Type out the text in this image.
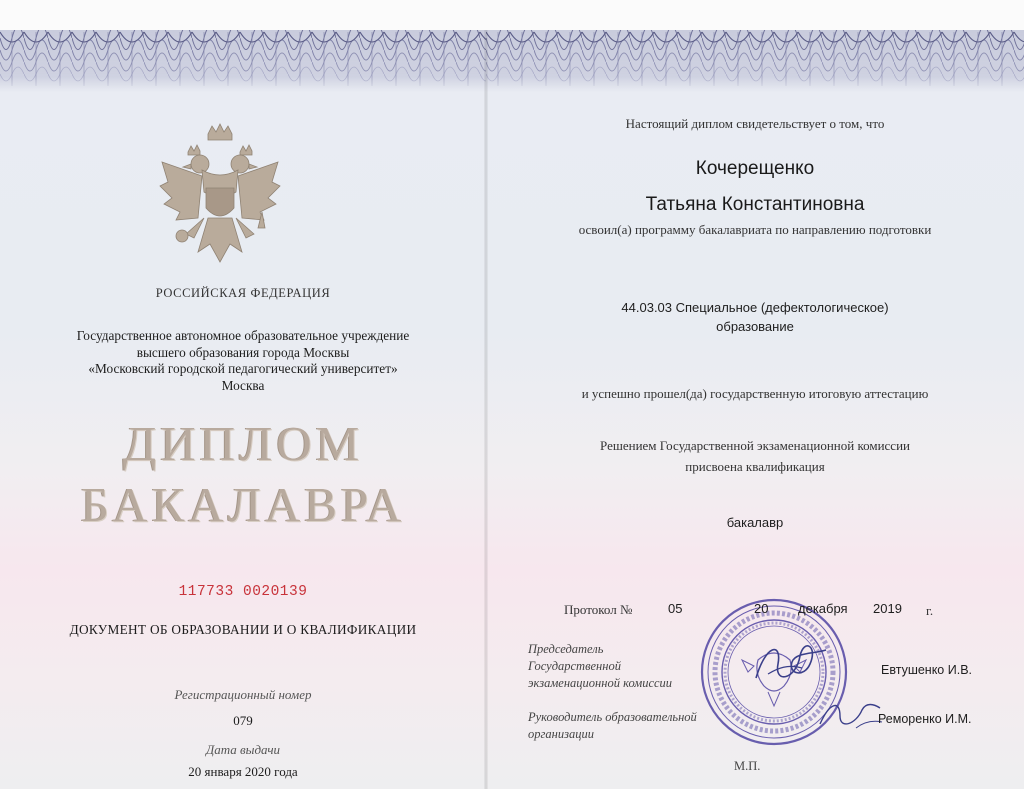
РОССИЙСКАЯ ФЕДЕРАЦИЯ
Государственное автономное образовательное учреждение
высшего образования города Москвы
«Московский городской педагогический университет»
Москва
ДИПЛОМ
БАКАЛАВРА
117733 0020139
ДОКУМЕНТ ОБ ОБРАЗОВАНИИ И О КВАЛИФИКАЦИИ
Регистрационный номер
079
Дата выдачи
20 января 2020 года
Настоящий диплом свидетельствует о том, что
Кочерещенко
Татьяна Константиновна
освоил(а) программу бакалавриата по направлению подготовки
44.03.03 Специальное (дефектологическое)
образование
и успешно прошел(да) государственную итоговую аттестацию
Решением Государственной экзаменационной комиссии
присвоена квалификация
бакалавр
Протокол №	05	20 декабря 2019 г.
Председатель
Государственной
экзаменационной комиссии
Евтушенко И.В.
Руководитель образовательной
организации
Реморенко И.М.
М.П.
